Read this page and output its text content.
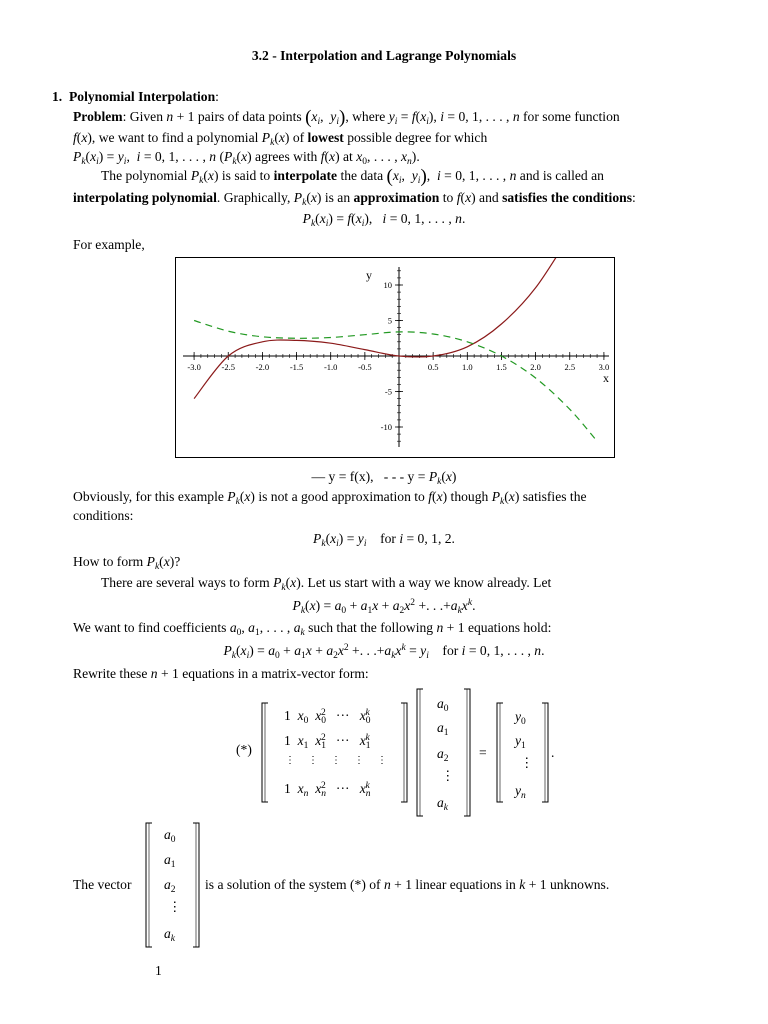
3.2 - Interpolation and Lagrange Polynomials
1. Polynomial Interpolation:
Problem: Given n + 1 pairs of data points ($x_i$,  $y_i$), where $y_i = f(x_i)$, i = 0, 1, . . . , n for some function
f(x), we want to find a polynomial $P_k(x)$ of lowest possible degree for which
$P_k(x_i) = y_i$,  i = 0, 1, . . . , n ($P_k(x)$ agrees with f(x) at $x_0$, . . . , $x_n$).
The polynomial $P_k(x)$ is said to interpolate the data ($x_i$,  $y_i$),  i = 0, 1, . . . , n and is called an
interpolating polynomial. Graphically, $P_k(x)$ is an approximation to f(x) and satisfies the conditions:
$P_k(x_i) = f(x_i)$,   i = 0, 1, . . . , n.
For example,
-3.0 -2.5 -2.0 -1.5 -1.0 -0.5	0.5	1.0	1.5	2.0	2.5	3.0
-10
-5
5
10
y
x
— y = f(x), - - - $y = P_k(x)$
Obviously, for this example $P_k(x)$ is not a good approximation to f(x) though $P_k(x)$ satisfies the
conditions:
$P_k(x_i) = y_i$ for i = 0, 1, 2.
How to form $P_k(x)$?
There are several ways to form $P_k(x)$. Let us start with a way we know already. Let
$P_k(x) = a_0 + a_1x + a_2x^2$ +. . $.+a_kx^k$.
We want to find coefficients $a_0$, $a_1$, . . . , $a_k$ such that the following n + 1 equations hold:
$P_k(x_i) = a_0 + a_1x + a_2x^2$ +. . $.+a_kx^k = y_i$ for i = 0, 1, . . . , n.
Rewrite these n + 1 equations in a matrix-vector form:
(*)
1  $x_0$ $x_0^2$   ···   $x_0^k$
1  $x_1$ $x_1^2$   ···   $x_1^k$
⋮⋮⋮⋮⋮
1  $x_n$ $x_n^2$   ···   $x_n^k$
$a_0$
$a_1$
$a_2$
⋮
$a_k$
=
$y_0$
$y_1$
⋮
$y_n$
.
$a_0$
$a_1$
$a_2$
⋮
$a_k$
The vector	is a solution of the system (*) of n + 1 linear equations in k + 1 unknowns.
1
